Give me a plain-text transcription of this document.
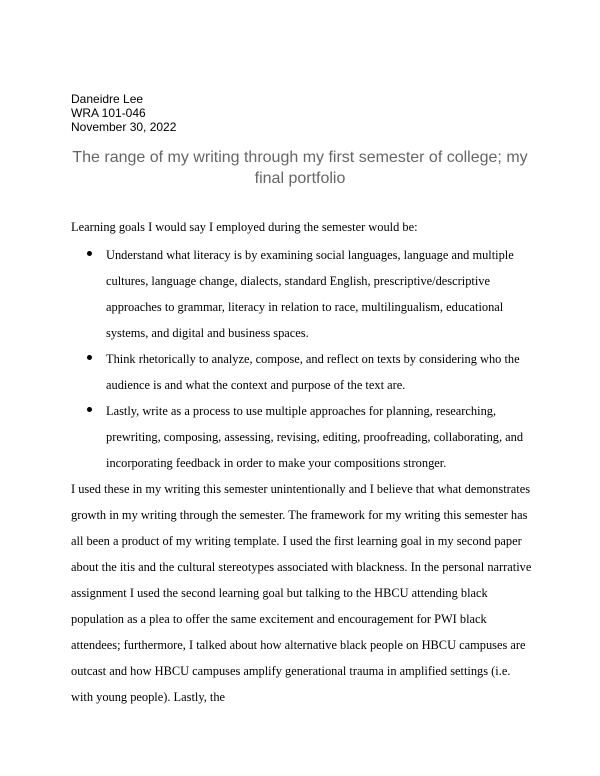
Daneidre Lee
WRA 101-046
November 30, 2022
The range of my writing through my first semester of college; my final portfolio

Learning goals I would say I employed during the semester would be:

Understand what literacy is by examining social languages, language and multiple cultures, language change, dialects, standard English, prescriptive/descriptive approaches to grammar, literacy in relation to race, multilingualism, educational systems, and digital and business spaces.
Think rhetorically to analyze, compose, and reflect on texts by considering who the audience is and what the context and purpose of the text are.
Lastly, write as a process to use multiple approaches for planning, researching, prewriting, composing, assessing, revising, editing, proofreading, collaborating, and incorporating feedback in order to make your compositions stronger.

I used these in my writing this semester unintentionally and I believe that what demonstrates growth in my writing through the semester. The framework for my writing this semester has all been a product of my writing template. I used the first learning goal in my second paper about the itis and the cultural stereotypes associated with blackness. In the personal narrative assignment I used the second learning goal but talking to the HBCU attending black population as a plea to offer the same excitement and encouragement for PWI black attendees; furthermore, I talked about how alternative black people on HBCU campuses are outcast and how HBCU campuses amplify generational trauma in amplified settings (i.e. with young people). Lastly, the
